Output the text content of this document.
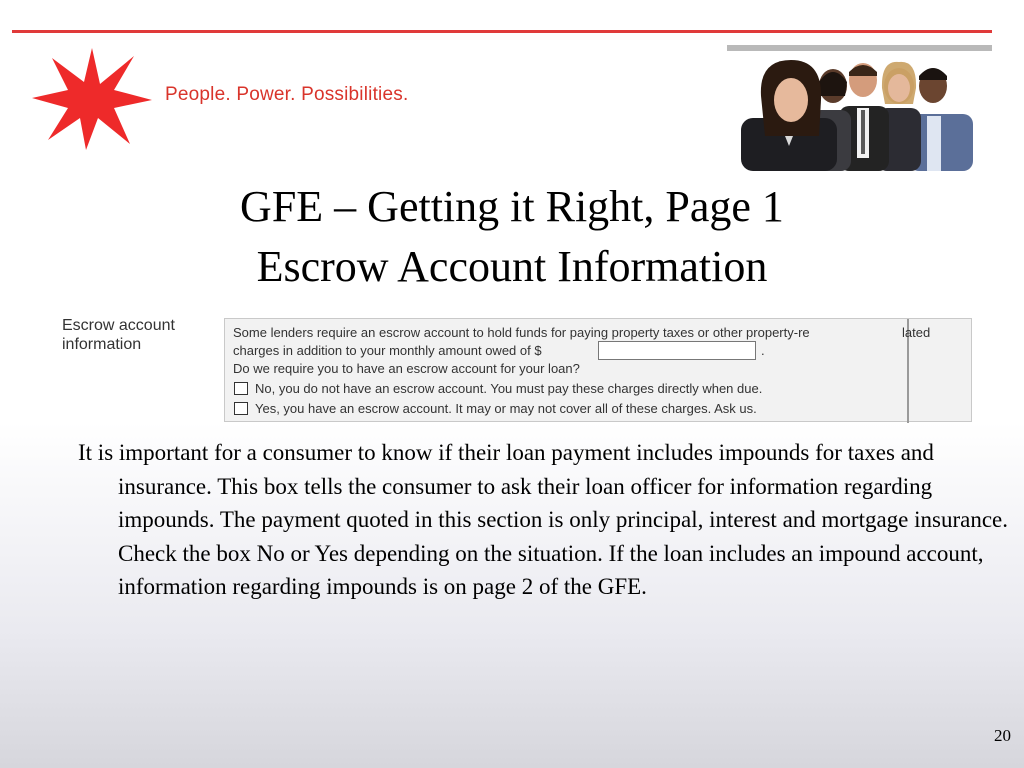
People. Power. Possibilities.
GFE – Getting it Right, Page 1
Escrow Account Information
Escrow account information
Some lenders require an escrow account to hold funds for paying property taxes or other property-re
charges in addition to your monthly amount owed of $	.
Do we require you to have an escrow account for your loan?
No, you do not have an escrow account. You must pay these charges directly when due.
Yes, you have an escrow account. It may or may not cover all of these charges. Ask us.
lated
It is important for a consumer to know if their loan payment includes impounds for taxes and insurance. This box tells the consumer to ask their loan officer for information regarding impounds. The payment quoted in this section is only principal, interest and mortgage insurance. Check the box No or Yes depending on the situation. If the loan includes an impound account, information regarding impounds is on page 2 of the GFE.
20
